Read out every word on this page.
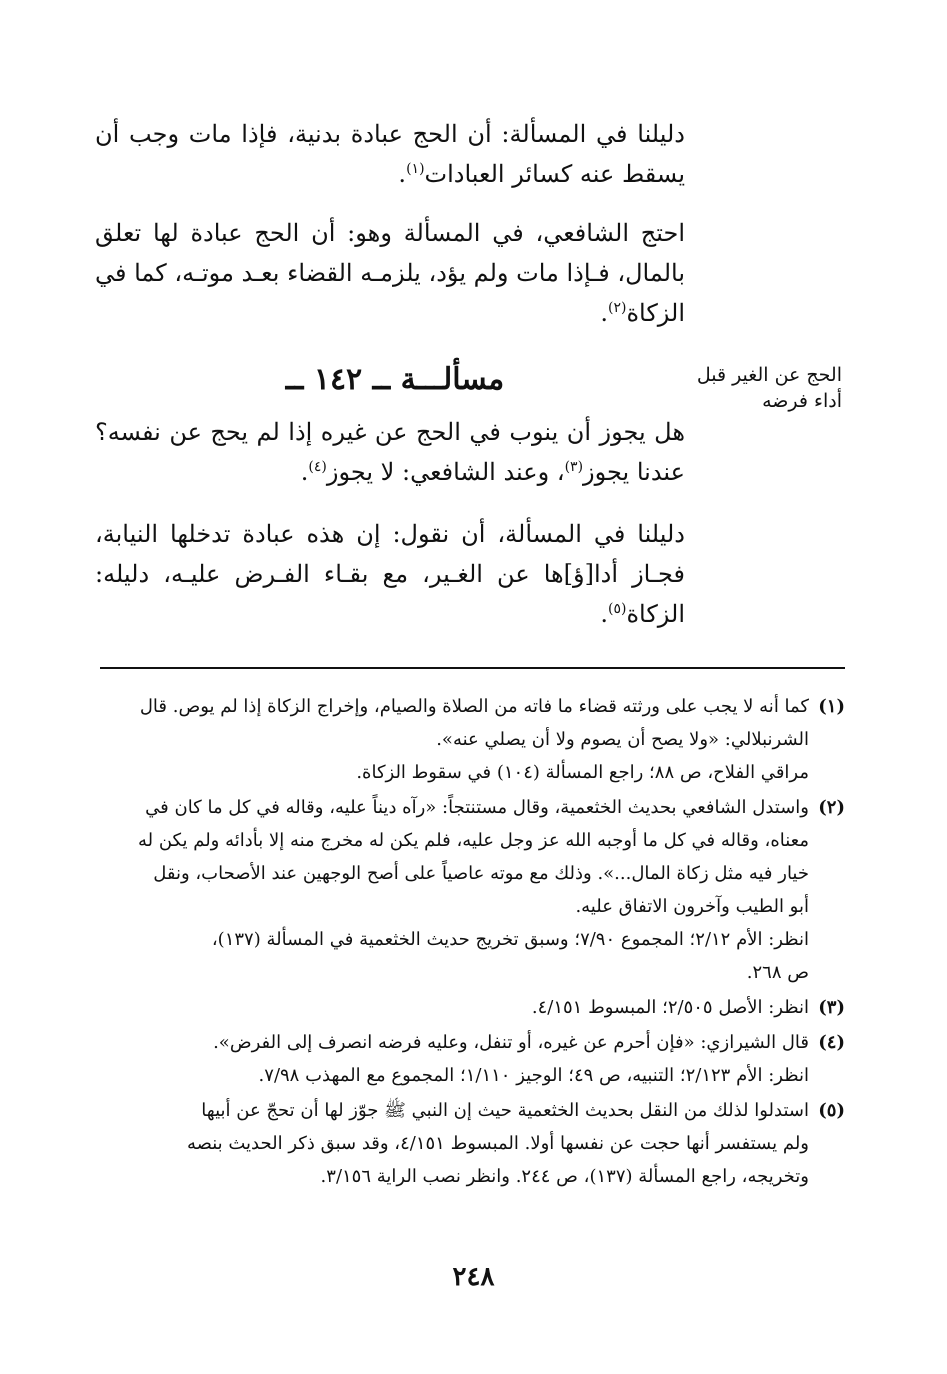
دليلنا في المسألة: أن الحج عبادة بدنية، فإذا مات وجب أن
يسقط عنه كسائر العبادات$^{(١)}$.
احتج الشافعي، في المسألة وهو: أن الحج عبادة لها تعلق
بالمال، فـإذا مات ولم يؤد، يلزمـه القضاء بعـد موتـه، كما في
الزكاة$^{(٢)}$.
الحج عن الغير قبل
أداء فرضه
مسألـــة ــ ١٤٢ ــ
هل يجوز أن ينوب في الحج عن غيره إذا لم يحج عن نفسه؟
عندنا يجوز$^{(٣)}$، وعند الشافعي: لا يجوز$^{(٤)}$.
دليلنا في المسألة، أن نقول: إن هذه عبادة تدخلها النيابة،
فجـاز أدا[ؤ]ها عن الغـير، مع بقـاء الفـرض عليـه، دليله:
الزكاة$^{(٥)}$.
(١)
كما أنه لا يجب على ورثته قضاء ما فاته من الصلاة والصيام، وإخراج الزكاة إذا لم يوص. قال
الشرنبلالي: «ولا يصح أن يصوم ولا أن يصلي عنه».
مراقي الفلاح، ص ٨٨؛ راجع المسألة (١٠٤) في سقوط الزكاة.
(٢)
واستدل الشافعي بحديث الخثعمية، وقال مستنتجاً: «رآه ديناً عليه، وقاله في كل ما كان في
معناه، وقاله في كل ما أوجبه الله عز وجل عليه، فلم يكن له مخرج منه إلا بأدائه ولم يكن له
خيار فيه مثل زكاة المال...». وذلك مع موته عاصياً على أصح الوجهين عند الأصحاب، ونقل
أبو الطيب وآخرون الاتفاق عليه.
انظر: الأم ٢/١٢؛ المجموع ٧/٩٠؛ وسبق تخريج حديث الخثعمية في المسألة (١٣٧)،
ص ٢٦٨.
(٣)
انظر: الأصل ٢/٥٠٥؛ المبسوط ٤/١٥١.
(٤)
قال الشيرازي: «فإن أحرم عن غيره، أو تنفل، وعليه فرضه انصرف إلى الفرض».
انظر: الأم ٢/١٢٣؛ التنبيه، ص ٤٩؛ الوجيز ١/١١٠؛ المجموع مع المهذب ٧/٩٨.
(٥)
استدلوا لذلك من النقل بحديث الخثعمية حيث إن النبي ﷺ جوّز لها أن تحجّ عن أبيها
ولم يستفسر أنها حجت عن نفسها أولا. المبسوط ٤/١٥١، وقد سبق ذكر الحديث بنصه
وتخريجه، راجع المسألة (١٣٧)، ص ٢٤٤. وانظر نصب الراية ٣/١٥٦.
٢٤٨
